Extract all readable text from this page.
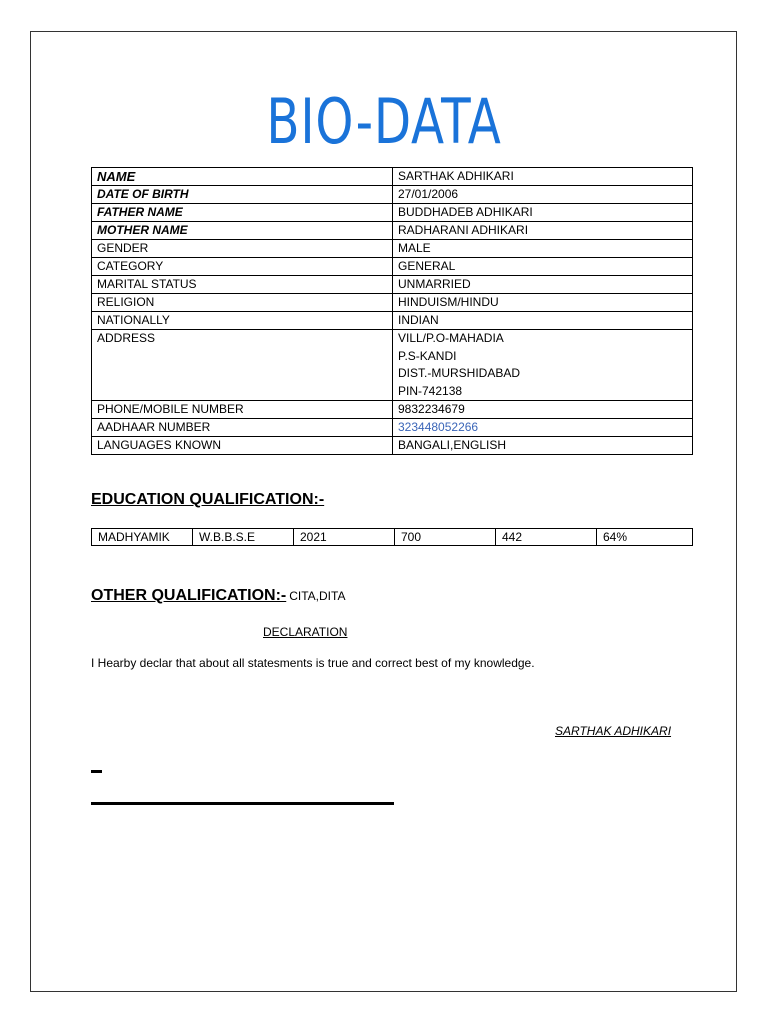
BIO-DATA
NAME	SARTHAK ADHIKARI
DATE OF BIRTH	27/01/2006
FATHER NAME	BUDDHADEB ADHIKARI
MOTHER NAME	RADHARANI ADHIKARI
GENDER	MALE
CATEGORY	GENERAL
MARITAL STATUS	UNMARRIED
RELIGION	HINDUISM/HINDU
NATIONALLY	INDIAN
ADDRESS	VILL/P.O-MAHADIA
P.S-KANDI
DIST.-MURSHIDABAD
PIN-742138

PHONE/MOBILE NUMBER	9832234679
AADHAAR NUMBER	323448052266
LANGUAGES KNOWN	BANGALI,ENGLISH
EDUCATION QUALIFICATION:-
MADHYAMIK	W.B.B.S.E	2021	700	442	64%
OTHER QUALIFICATION:- CITA,DITA
DECLARATION
I Hearby declar that about all statesments is true and correct best of my knowledge.
SARTHAK ADHIKARI
